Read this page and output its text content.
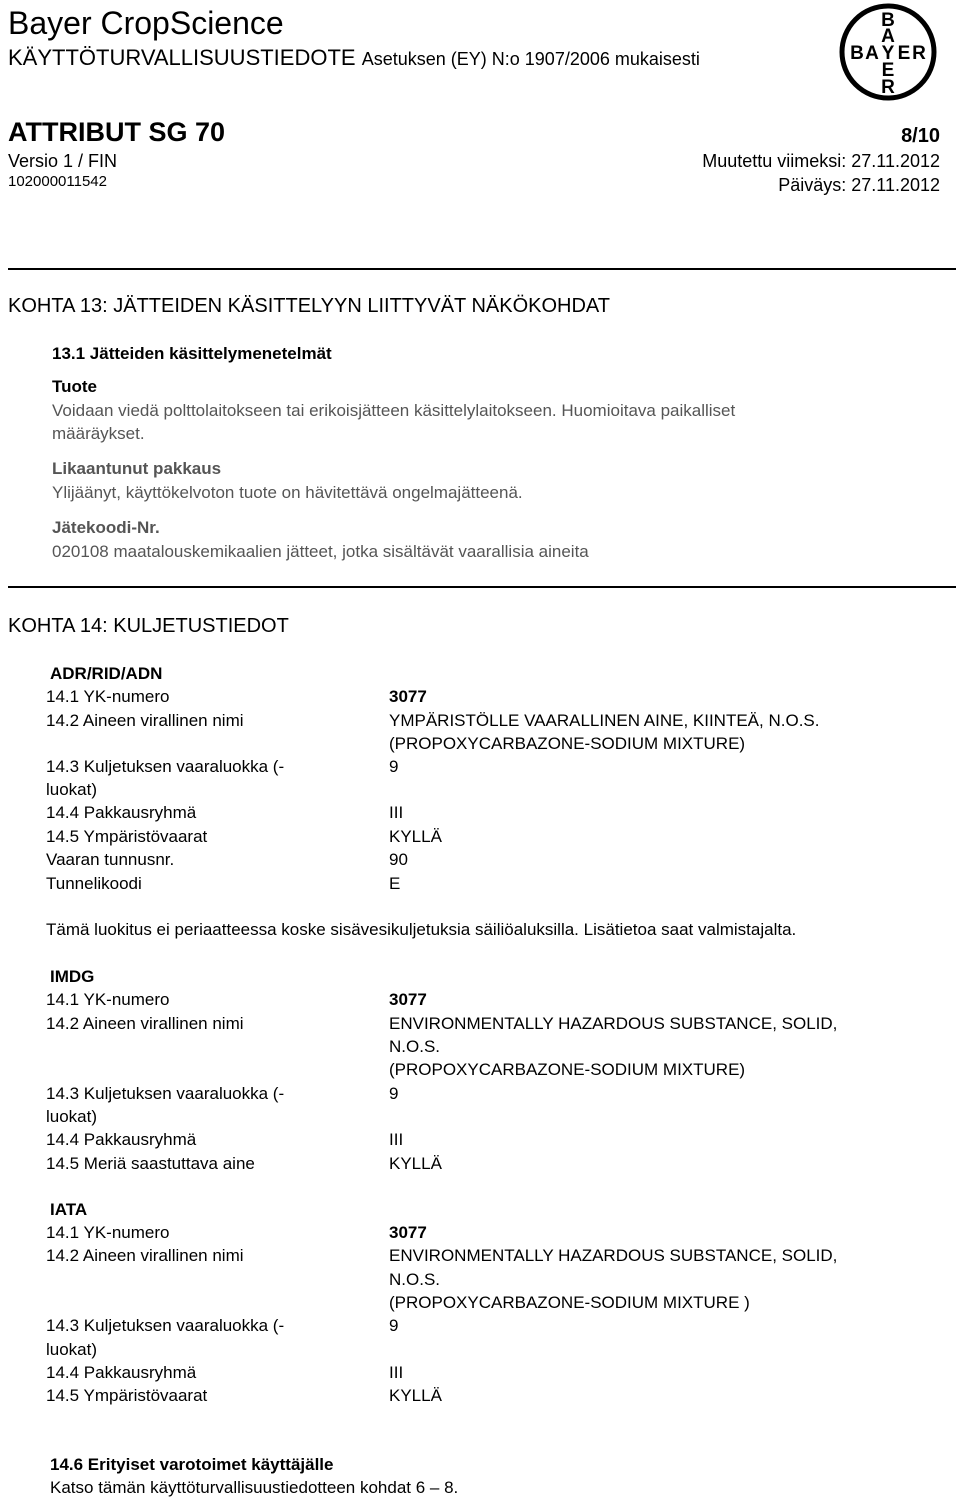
Bayer CropScience
KÄYTTÖTURVALLISUUSTIEDOTE Asetuksen (EY) N:o 1907/2006 mukaisesti
ATTRIBUT SG 70	8/10
Versio 1 / FIN	Muutettu viimeksi: 27.11.2012
102000011542	Päiväys: 27.11.2012
B
A
B A Y E R
E
R
KOHTA 13: JÄTTEIDEN KÄSITTELYYN LIITTYVÄT NÄKÖKOHDAT
13.1 Jätteiden käsittelymenetelmät
Tuote
Voidaan viedä polttolaitokseen tai erikoisjätteen käsittelylaitokseen. Huomioitava paikalliset
määräykset.
Likaantunut pakkaus
Ylijäänyt, käyttökelvoton tuote on hävitettävä ongelmajätteenä.
Jätekoodi-Nr.
020108 maatalouskemikaalien jätteet, jotka sisältävät vaarallisia aineita
KOHTA 14: KULJETUSTIEDOT
ADR/RID/ADN
14.1 YK-numero	3077
14.2 Aineen virallinen nimi	YMPÄRISTÖLLE VAARALLINEN AINE, KIINTEÄ, N.O.S.
(PROPOXYCARBAZONE-SODIUM MIXTURE)
14.3 Kuljetuksen vaaraluokka (-	9
luokat)
14.4 Pakkausryhmä	III
14.5 Ympäristövaarat	KYLLÄ
Vaaran tunnusnr.	90
Tunnelikoodi	E
Tämä luokitus ei periaatteessa koske sisävesikuljetuksia säiliöaluksilla. Lisätietoa saat valmistajalta.
IMDG
14.1 YK-numero	3077
14.2 Aineen virallinen nimi	ENVIRONMENTALLY HAZARDOUS SUBSTANCE, SOLID,
N.O.S.
(PROPOXYCARBAZONE-SODIUM MIXTURE)
14.3 Kuljetuksen vaaraluokka (-	9
luokat)
14.4 Pakkausryhmä	III
14.5 Meriä saastuttava aine	KYLLÄ
IATA
14.1 YK-numero	3077
14.2 Aineen virallinen nimi	ENVIRONMENTALLY HAZARDOUS SUBSTANCE, SOLID,
N.O.S.
(PROPOXYCARBAZONE-SODIUM MIXTURE )
14.3 Kuljetuksen vaaraluokka (-	9
luokat)
14.4 Pakkausryhmä	III
14.5 Ympäristövaarat	KYLLÄ
14.6 Erityiset varotoimet käyttäjälle
Katso tämän käyttöturvallisuustiedotteen kohdat 6 – 8.
